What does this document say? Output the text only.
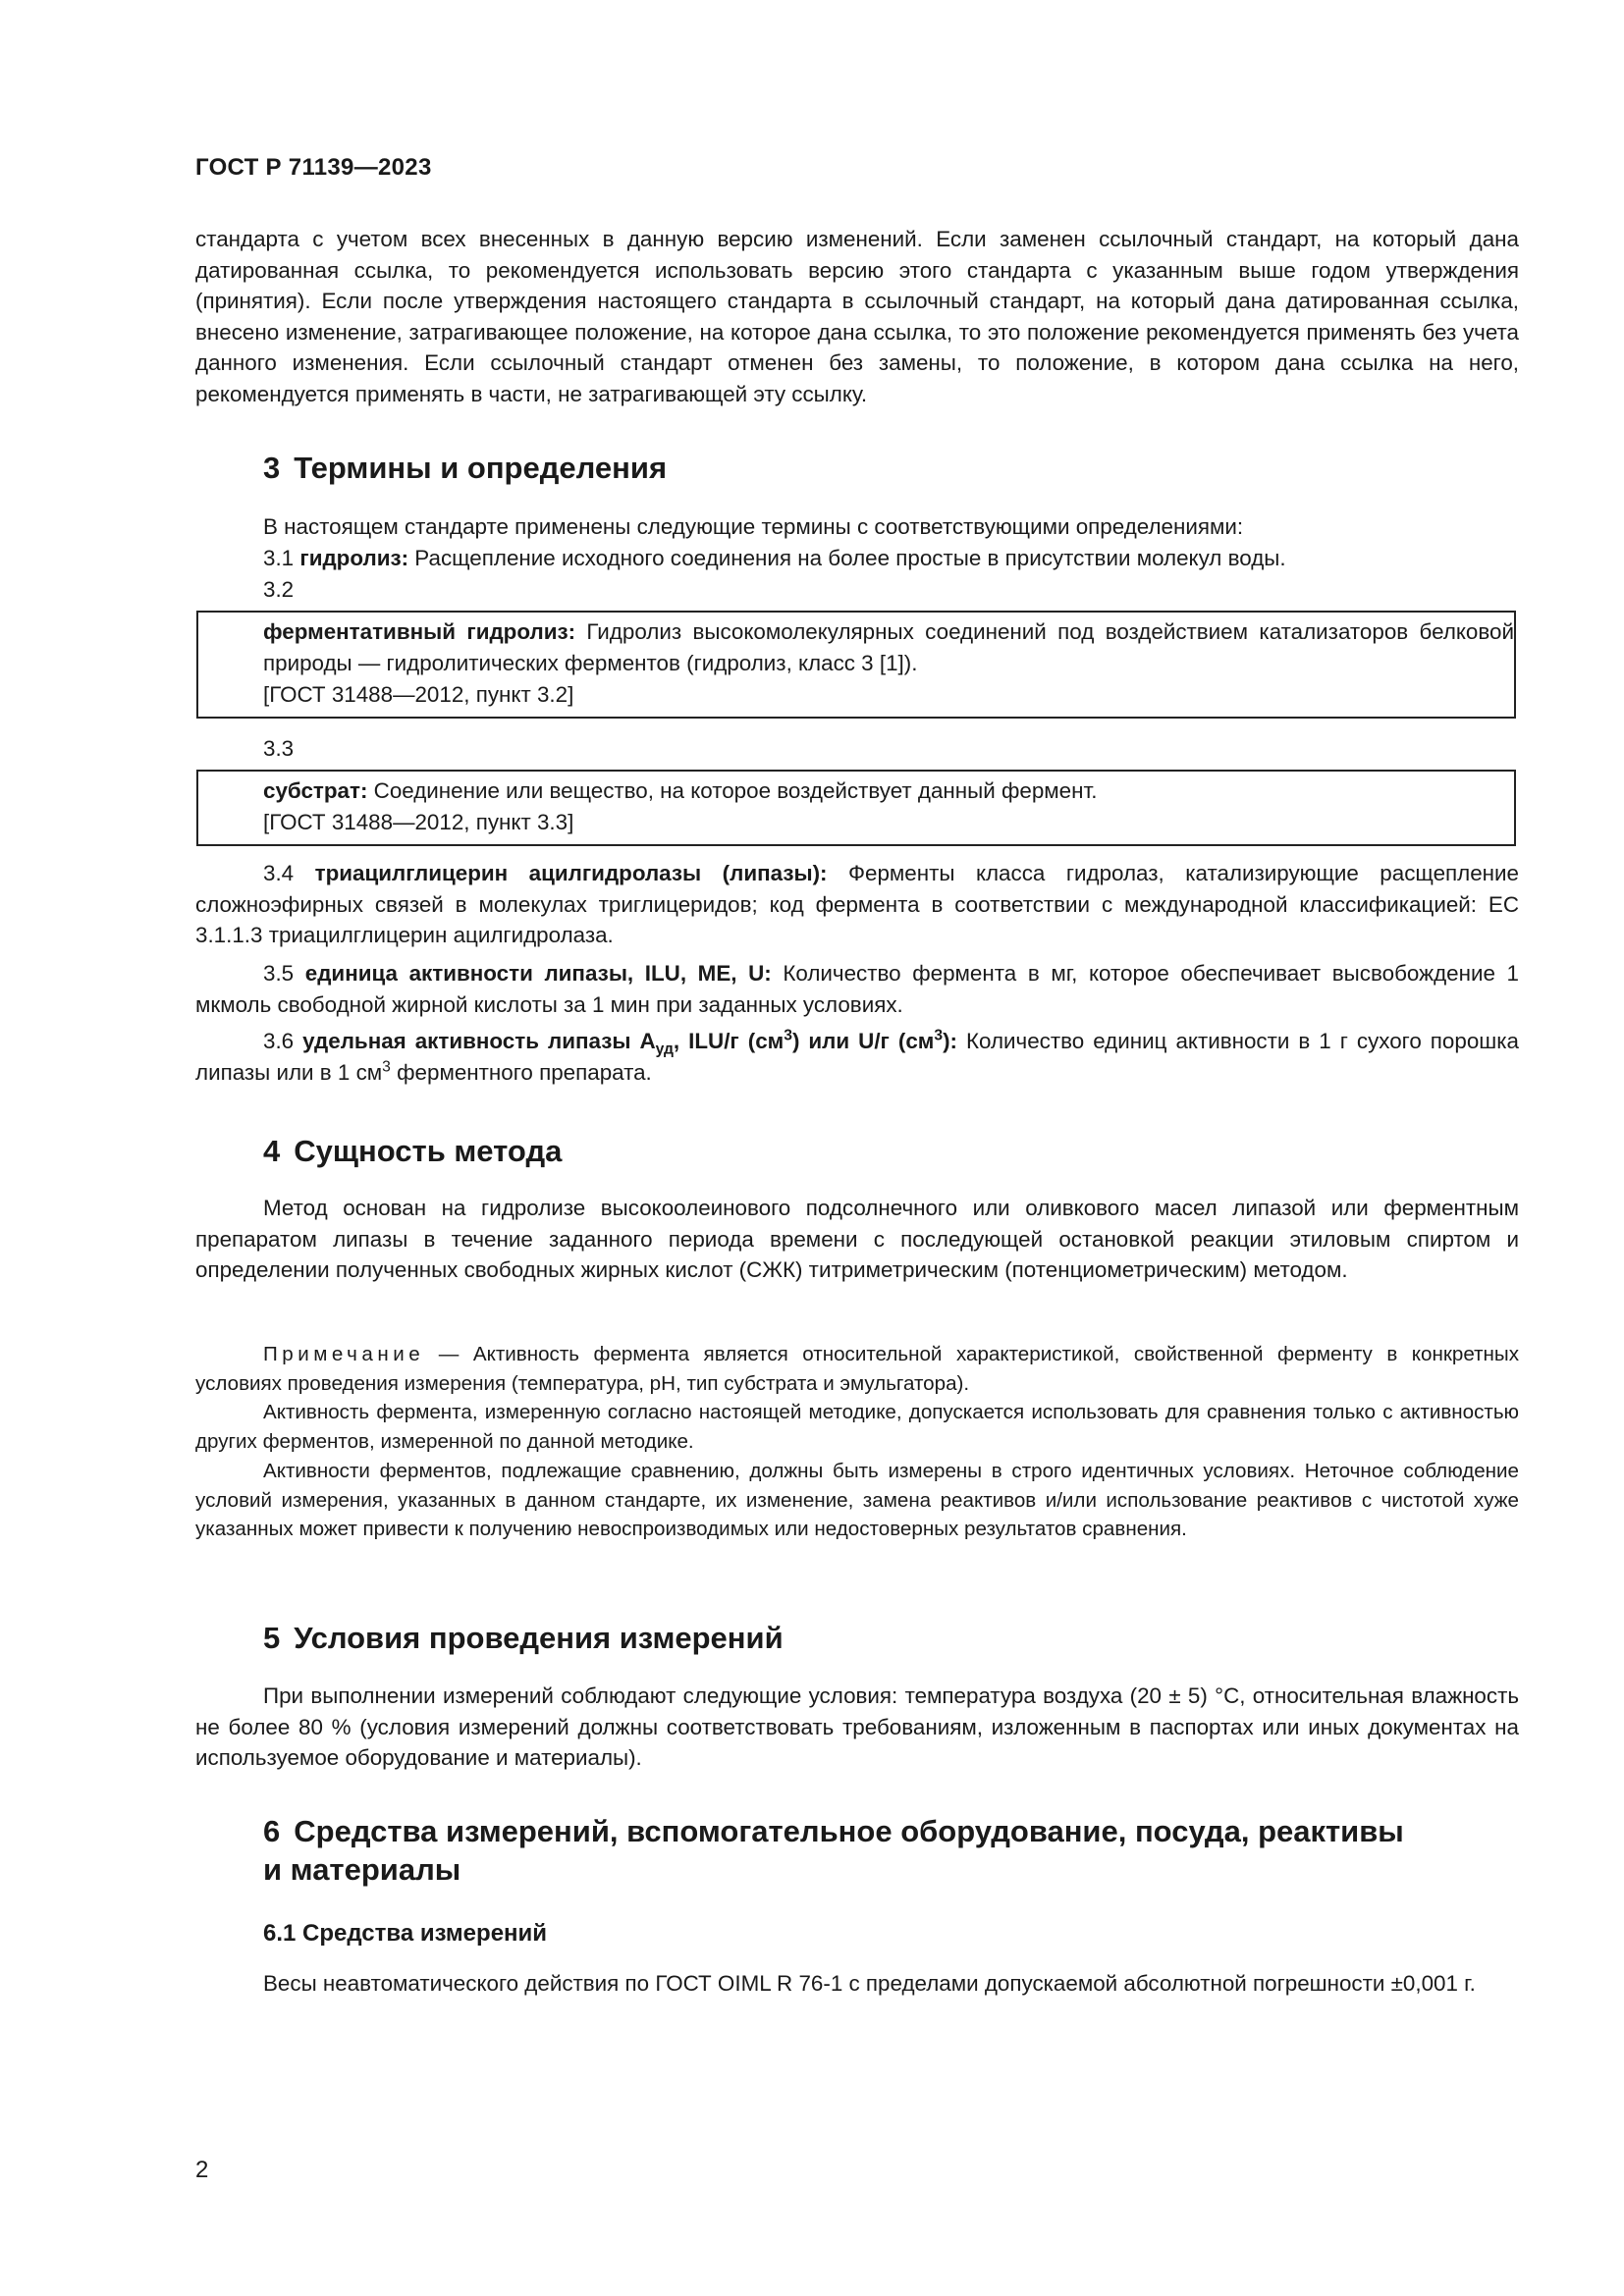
ГОСТ Р 71139—2023
стандарта с учетом всех внесенных в данную версию изменений. Если заменен ссылочный стандарт, на который дана датированная ссылка, то рекомендуется использовать версию этого стандарта с указанным выше годом утверждения (принятия). Если после утверждения настоящего стандарта в ссылочный стандарт, на который дана датированная ссылка, внесено изменение, затрагивающее положение, на которое дана ссылка, то это положение рекомендуется применять без учета данного изменения. Если ссылочный стандарт отменен без замены, то положение, в котором дана ссылка на него, рекомендуется применять в части, не затрагивающей эту ссылку.
3 Термины и определения
В настоящем стандарте применены следующие термины с соответствующими определениями:
3.1 гидролиз: Расщепление исходного соединения на более простые в присутствии молекул воды.
3.2
ферментативный гидролиз: Гидролиз высокомолекулярных соединений под воздействием катализаторов белковой природы — гидролитических ферментов (гидролиз, класс 3 [1]).
[ГОСТ 31488—2012, пункт 3.2]
3.3
субстрат: Соединение или вещество, на которое воздействует данный фермент.
[ГОСТ 31488—2012, пункт 3.3]
3.4 триацилглицерин ацилгидролазы (липазы): Ферменты класса гидролаз, катализирующие расщепление сложноэфирных связей в молекулах триглицеридов; код фермента в соответствии с международной классификацией: ЕС 3.1.1.3 триацилглицерин ацилгидролаза.
3.5 единица активности липазы, ILU, МЕ, U: Количество фермента в мг, которое обеспечивает высвобождение 1 мкмоль свободной жирной кислоты за 1 мин при заданных условиях.
3.6 удельная активность липазы $A_{уд}$, ILU/г $(см^3)$ или U/г $(см^3)$: Количество единиц активности в 1 г сухого порошка липазы или в 1 $см^3$ ферментного препарата.
4 Сущность метода
Метод основан на гидролизе высокоолеинового подсолнечного или оливкового масел липазой или ферментным препаратом липазы в течение заданного периода времени с последующей остановкой реакции этиловым спиртом и определении полученных свободных жирных кислот (СЖК) титриметрическим (потенциометрическим) методом.
Примечание — Активность фермента является относительной характеристикой, свойственной ферменту в конкретных условиях проведения измерения (температура, pH, тип субстрата и эмульгатора).
Активность фермента, измеренную согласно настоящей методике, допускается использовать для сравнения только с активностью других ферментов, измеренной по данной методике.
Активности ферментов, подлежащие сравнению, должны быть измерены в строго идентичных условиях. Неточное соблюдение условий измерения, указанных в данном стандарте, их изменение, замена реактивов и/или использование реактивов с чистотой хуже указанных может привести к получению невоспроизводимых или недостоверных результатов сравнения.
5 Условия проведения измерений
При выполнении измерений соблюдают следующие условия: температура воздуха (20 ± 5) °С, относительная влажность не более 80 % (условия измерений должны соответствовать требованиям, изложенным в паспортах или иных документах на используемое оборудование и материалы).
6 Средства измерений, вспомогательное оборудование, посуда, реактивы
и материалы
6.1 Средства измерений
Весы неавтоматического действия по ГОСТ OIML R 76-1 с пределами допускаемой абсолютной погрешности ±0,001 г.
2
